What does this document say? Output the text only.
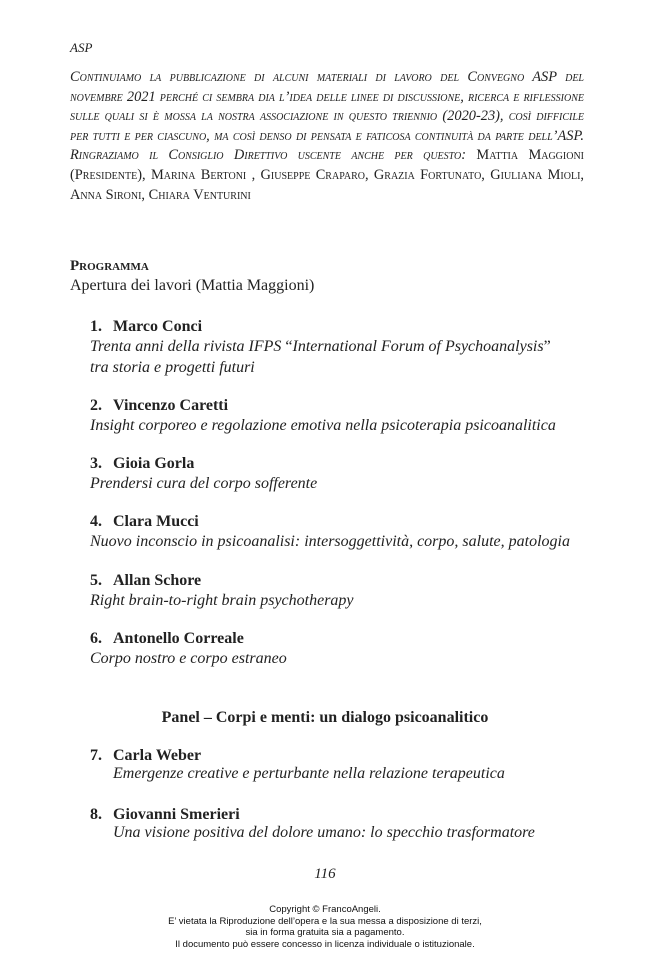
ASP
Continuiamo la pubblicazione di alcuni materiali di lavoro del Convegno ASP del novembre 2021 perché ci sembra dia l’idea delle linee di discussione, ricerca e riflessione sulle quali si è mossa la nostra associazione in questo triennio (2020-23), così difficile per tutti e per ciascuno, ma così denso di pensata e faticosa continuità da parte dell’ASP. Ringraziamo il Consiglio Direttivo uscente anche per questo: Mattia Maggioni (Presidente), Marina Bertoni , Giuseppe Craparo, Grazia Fortunato, Giuliana Mioli, Anna Sironi, Chiara Venturini
Programma
Apertura dei lavori (Mattia Maggioni)
1. Marco Conci
Trenta anni della rivista IFPS “International Forum of Psychoanalysis”
tra storia e progetti futuri
2. Vincenzo Caretti
Insight corporeo e regolazione emotiva nella psicoterapia psicoanalitica
3. Gioia Gorla
Prendersi cura del corpo sofferente
4. Clara Mucci
Nuovo inconscio in psicoanalisi: intersoggettività, corpo, salute, patologia
5. Allan Schore
Right brain-to-right brain psychotherapy
6. Antonello Correale
Corpo nostro e corpo estraneo
Panel – Corpi e menti: un dialogo psicoanalitico
7. Carla Weber
Emergenze creative e perturbante nella relazione terapeutica
8. Giovanni Smerieri
Una visione positiva del dolore umano: lo specchio trasformatore
116
Copyright © FrancoAngeli.
E’ vietata la Riproduzione dell’opera e la sua messa a disposizione di terzi,
sia in forma gratuita sia a pagamento.
Il documento può essere concesso in licenza individuale o istituzionale.
